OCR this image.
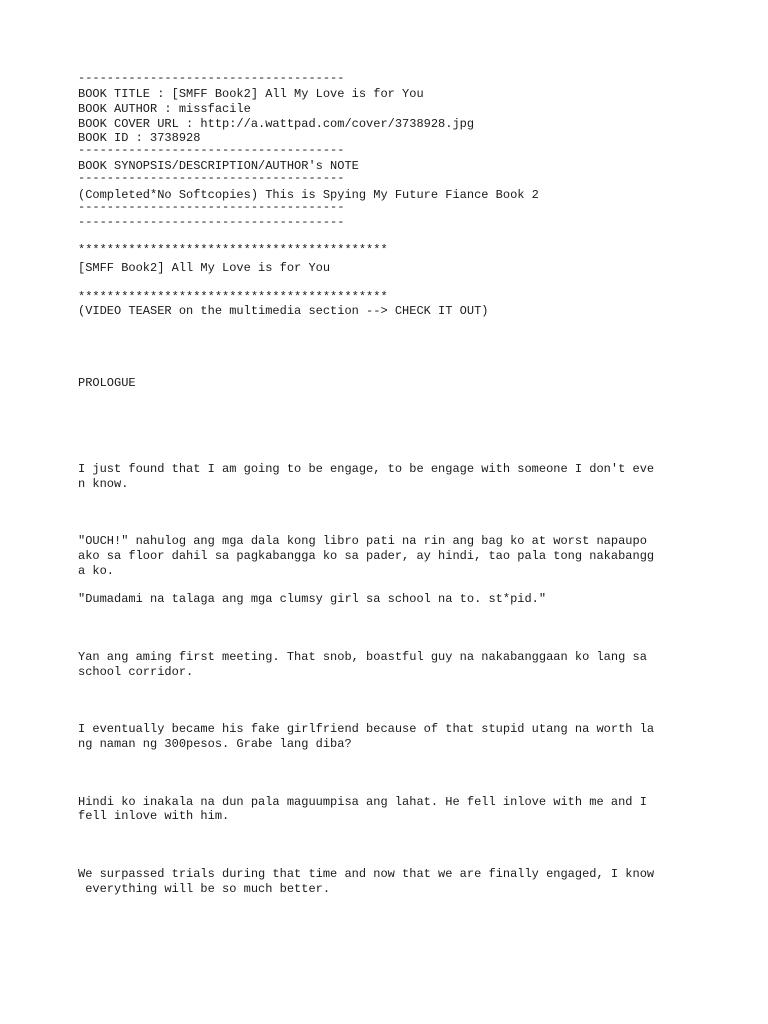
-------------------------------------
BOOK TITLE : [SMFF Book2] All My Love is for You
BOOK AUTHOR : missfacile
BOOK COVER URL : http://a.wattpad.com/cover/3738928.jpg
BOOK ID : 3738928
-------------------------------------
BOOK SYNOPSIS/DESCRIPTION/AUTHOR's NOTE
-------------------------------------
(Completed*No Softcopies) This is Spying My Future Fiance Book 2
-------------------------------------
-------------------------------------
*******************************************
[SMFF Book2] All My Love is for You
*******************************************
(VIDEO TEASER on the multimedia section --> CHECK IT OUT)
PROLOGUE
I just found that I am going to be engage, to be engage with someone I don't eve
n know.
"OUCH!" nahulog ang mga dala kong libro pati na rin ang bag ko at worst napaupo
ako sa floor dahil sa pagkabangga ko sa pader, ay hindi, tao pala tong nakabangg
a ko.
"Dumadami na talaga ang mga clumsy girl sa school na to. st*pid."
Yan ang aming first meeting. That snob, boastful guy na nakabanggaan ko lang sa
school corridor.
I eventually became his fake girlfriend because of that stupid utang na worth la
ng naman ng 300pesos. Grabe lang diba?
Hindi ko inakala na dun pala maguumpisa ang lahat. He fell inlove with me and I
fell inlove with him.
We surpassed trials during that time and now that we are finally engaged, I know
everything will be so much better.
